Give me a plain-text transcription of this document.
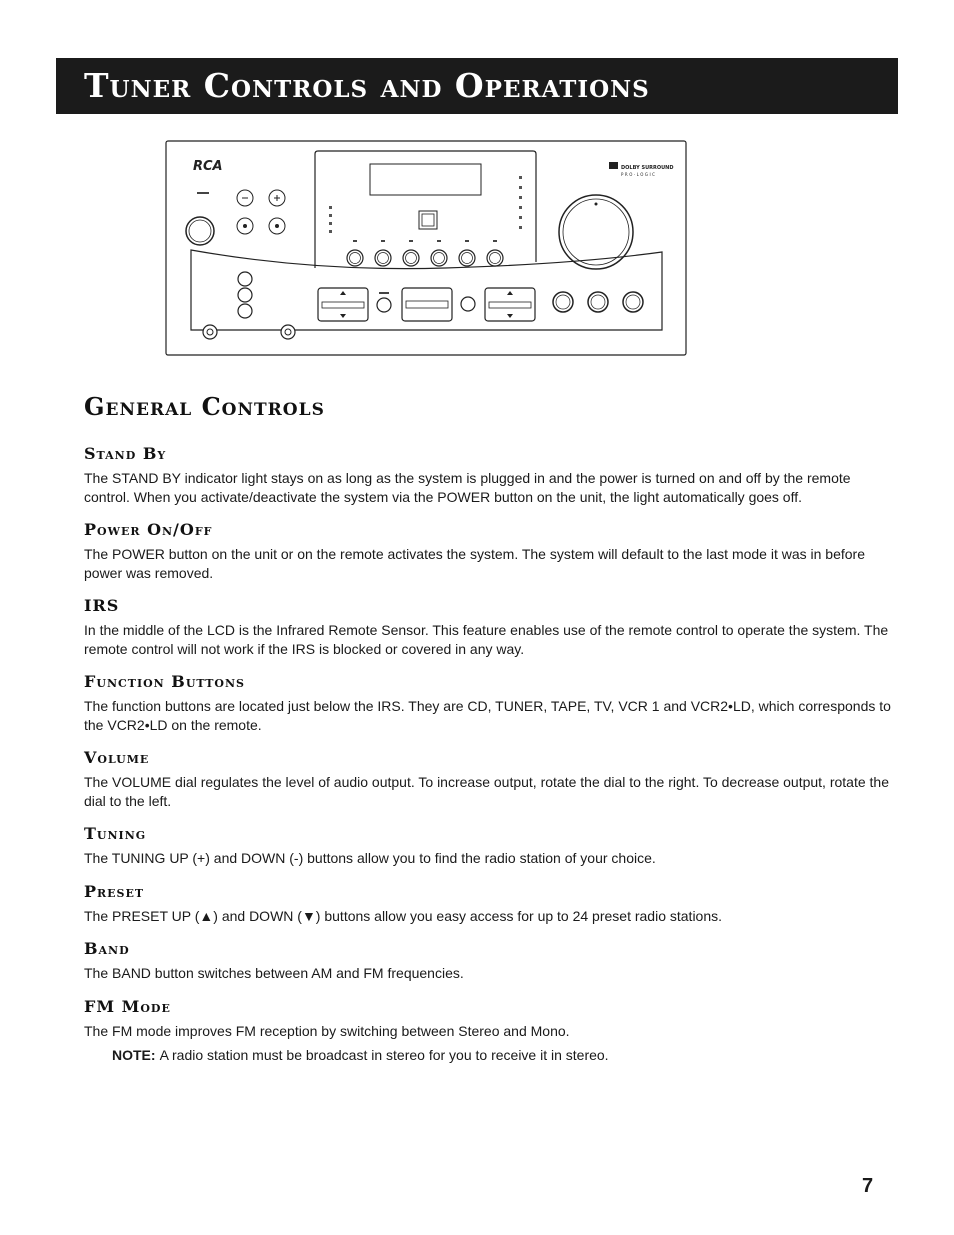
Tuner Controls and Operations
RCA	DOLBY SURROUND
PRO·LOGIC
General Controls
Stand By

The STAND BY indicator light stays on as long as the system is plugged in and the power is turned on and off by the remote control. When you activate/deactivate the system via the POWER button on the unit, the light automatically goes off.

Power On/Off

The POWER button on the unit or on the remote activates the system. The system will default to the last mode it was in before power was removed.

IRS

In the middle of the LCD is the Infrared Remote Sensor. This feature enables use of the remote control to operate the system. The remote control will not work if the IRS is blocked or covered in any way.

Function Buttons

The function buttons are located just below the IRS. They are CD, TUNER, TAPE, TV, VCR 1 and VCR2•LD, which corresponds to the VCR2•LD on the remote.

Volume

The VOLUME dial regulates the level of audio output. To increase output, rotate the dial to the right. To decrease output, rotate the dial to the left.

Tuning

The TUNING UP (+) and DOWN (-) buttons allow you to find the radio station of your choice.

Preset

The PRESET UP (▲) and DOWN (▼) buttons allow you easy access for up to 24 preset radio stations.

Band

The BAND button switches between AM and FM frequencies.

FM Mode

The FM mode improves FM reception by switching between Stereo and Mono.

NOTE: A radio station must be broadcast in stereo for you to receive it in stereo.
7
